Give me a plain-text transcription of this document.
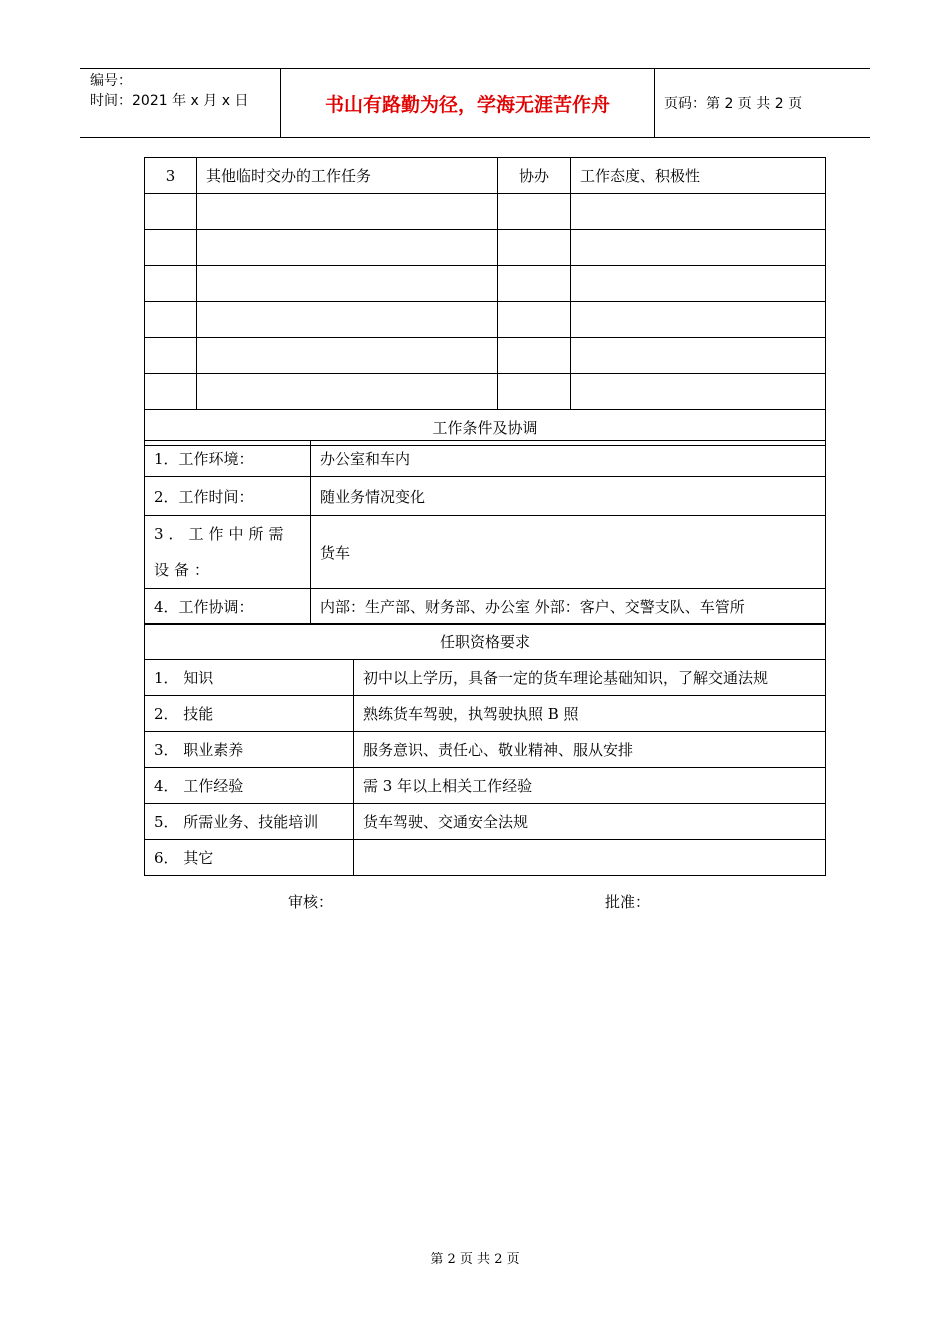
编号：
时间：2021 年 x 月 x 日	书山有路勤为径，学海无涯苦作舟	页码：第 2 页 共 2 页
3	其他临时交办的工作任务	协办	工作态度、积极性

工作条件及协调			
1．工作环境：	办公室和车内
2．工作时间：	随业务情况变化
3．工作中所需设备：	货车
4．工作协调：	内部：生产部、财务部、办公室 外部：客户、交警支队、车管所
任职资格要求	
1． 知识	初中以上学历，具备一定的货车理论基础知识，了解交通法规
2． 技能	熟练货车驾驶，执驾驶执照 B 照
3． 职业素养	服务意识、责任心、敬业精神、服从安排
4． 工作经验	需 3 年以上相关工作经验
5． 所需业务、技能培训	货车驾驶、交通安全法规
6． 其它	
审核：	批准：
第 2 页 共 2 页
